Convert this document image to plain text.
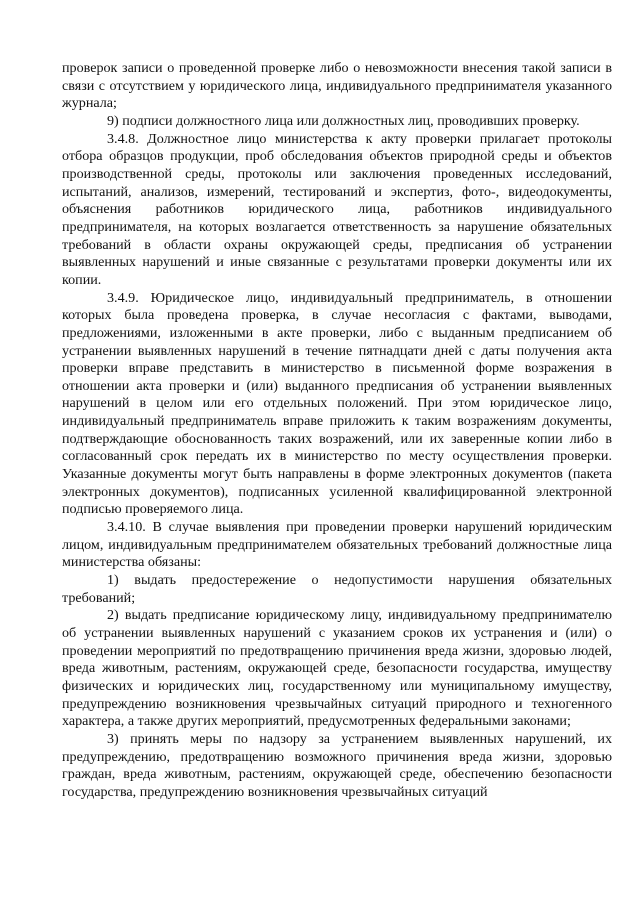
проверок записи о проведенной проверке либо о невозможности внесения такой записи в связи с отсутствием у юридического лица, индивидуального предпринимателя указанного журнала;

9) подписи должностного лица или должностных лиц, проводивших проверку.

3.4.8. Должностное лицо министерства к акту проверки прилагает протоколы отбора образцов продукции, проб обследования объектов природной среды и объектов производственной среды, протоколы или заключения проведенных исследований, испытаний, анализов, измерений, тестирований и экспертиз, фото-, видеодокументы, объяснения работников юридического лица, работников индивидуального предпринимателя, на которых возлагается ответственность за нарушение обязательных требований в области охраны окружающей среды, предписания об устранении выявленных нарушений и иные связанные с результатами проверки документы или их копии.

3.4.9. Юридическое лицо, индивидуальный предприниматель, в отношении которых была проведена проверка, в случае несогласия с фактами, выводами, предложениями, изложенными в акте проверки, либо с выданным предписанием об устранении выявленных нарушений в течение пятнадцати дней с даты получения акта проверки вправе представить в министерство в письменной форме возражения в отношении акта проверки и (или) выданного предписания об устранении выявленных нарушений в целом или его отдельных положений. При этом юридическое лицо, индивидуальный предприниматель вправе приложить к таким возражениям документы, подтверждающие обоснованность таких возражений, или их заверенные копии либо в согласованный срок передать их в министерство по месту осуществления проверки. Указанные документы могут быть направлены в форме электронных документов (пакета электронных документов), подписанных усиленной квалифицированной электронной подписью проверяемого лица.

3.4.10. В случае выявления при проведении проверки нарушений юридическим лицом, индивидуальным предпринимателем обязательных требований должностные лица министерства обязаны:

1) выдать предостережение о недопустимости нарушения обязательных требований;

2) выдать предписание юридическому лицу, индивидуальному предпринимателю об устранении выявленных нарушений с указанием сроков их устранения и (или) о проведении мероприятий по предотвращению причинения вреда жизни, здоровью людей, вреда животным, растениям, окружающей среде, безопасности государства, имуществу физических и юридических лиц, государственному или муниципальному имуществу, предупреждению возникновения чрезвычайных ситуаций природного и техногенного характера, а также других мероприятий, предусмотренных федеральными законами;

3) принять меры по надзору за устранением выявленных нарушений, их предупреждению, предотвращению возможного причинения вреда жизни, здоровью граждан, вреда животным, растениям, окружающей среде, обеспечению безопасности государства, предупреждению возникновения чрезвычайных ситуаций
